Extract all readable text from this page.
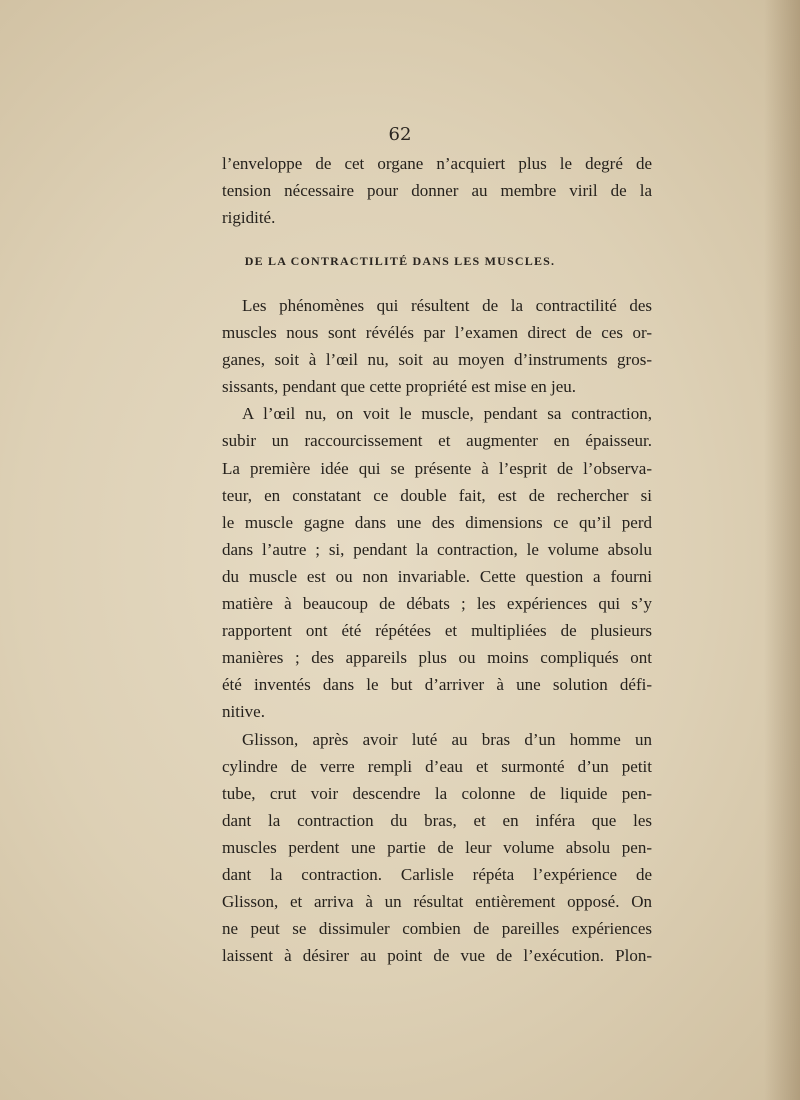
62
l’enveloppe de cet organe n’acquiert plus le degré de
tension nécessaire pour donner au membre viril de la
rigidité.
DE LA CONTRACTILITÉ DANS LES MUSCLES.
Les phénomènes qui résultent de la contractilité des
muscles nous sont révélés par l’examen direct de ces or-
ganes, soit à l’œil nu, soit au moyen d’instruments gros-
sissants, pendant que cette propriété est mise en jeu.
A l’œil nu, on voit le muscle, pendant sa contraction,
subir un raccourcissement et augmenter en épaisseur.
La première idée qui se présente à l’esprit de l’observa-
teur, en constatant ce double fait, est de rechercher si
le muscle gagne dans une des dimensions ce qu’il perd
dans l’autre ; si, pendant la contraction, le volume absolu
du muscle est ou non invariable. Cette question a fourni
matière à beaucoup de débats ; les expériences qui s’y
rapportent ont été répétées et multipliées de plusieurs
manières ; des appareils plus ou moins compliqués ont
été inventés dans le but d’arriver à une solution défi-
nitive.
Glisson, après avoir luté au bras d’un homme un
cylindre de verre rempli d’eau et surmonté d’un petit
tube, crut voir descendre la colonne de liquide pen-
dant la contraction du bras, et en inféra que les
muscles perdent une partie de leur volume absolu pen-
dant la contraction. Carlisle répéta l’expérience de
Glisson, et arriva à un résultat entièrement opposé. On
ne peut se dissimuler combien de pareilles expériences
laissent à désirer au point de vue de l’exécution. Plon-
